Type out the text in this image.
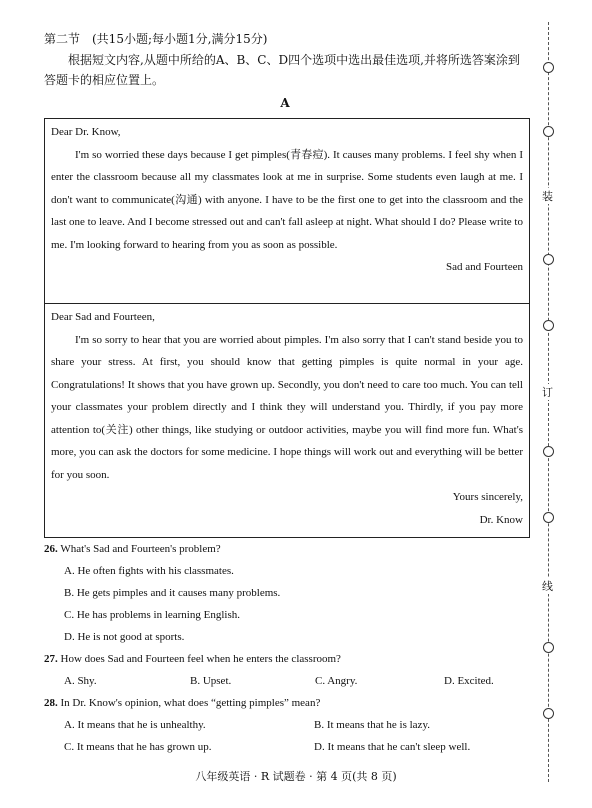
第二节　(共15小题;每小题1分,满分15分)
根据短文内容,从题中所给的A、B、C、D四个选项中选出最佳选项,并将所选答案涂到答题卡的相应位置上。
A

Dear Dr. Know,

I'm so worried these days because I get pimples(青春痘). It causes many problems. I feel shy when I enter the classroom because all my classmates look at me in surprise. Some students even laugh at me. I don't want to communicate(沟通) with anyone. I have to be the first one to get into the classroom and the last one to leave. And I become stressed out and can't fall asleep at night. What should I do? Please write to me. I'm looking forward to hearing from you as soon as possible.

Sad and Fourteen

Dear Sad and Fourteen,

I'm so sorry to hear that you are worried about pimples. I'm also sorry that I can't stand beside you to share your stress. At first, you should know that getting pimples is quite normal in your age. Congratulations! It shows that you have grown up. Secondly, you don't need to care too much. You can tell your classmates your problem directly and I think they will understand you. Thirdly, if you pay more attention to(关注) other things, like studying or outdoor activities, maybe you will find more fun. What's more, you can ask the doctors for some medicine. I hope things will work out and everything will be better for you soon.

Yours sincerely,

Dr. Know

26. What's Sad and Fourteen's problem?
A. He often fights with his classmates.
B. He gets pimples and it causes many problems.
C. He has problems in learning English.
D. He is not good at sports.
27. How does Sad and Fourteen feel when he enters the classroom?
A. Shy.	B. Upset.	C. Angry.	D. Excited.
28. In Dr. Know's opinion, what does “getting pimples” mean?
A. It means that he is unhealthy.	B. It means that he is lazy.
C. It means that he has grown up.	D. It means that he can't sleep well.
八年级英语 · R 试题卷 · 第 4 页(共 8 页)
装
订
线
